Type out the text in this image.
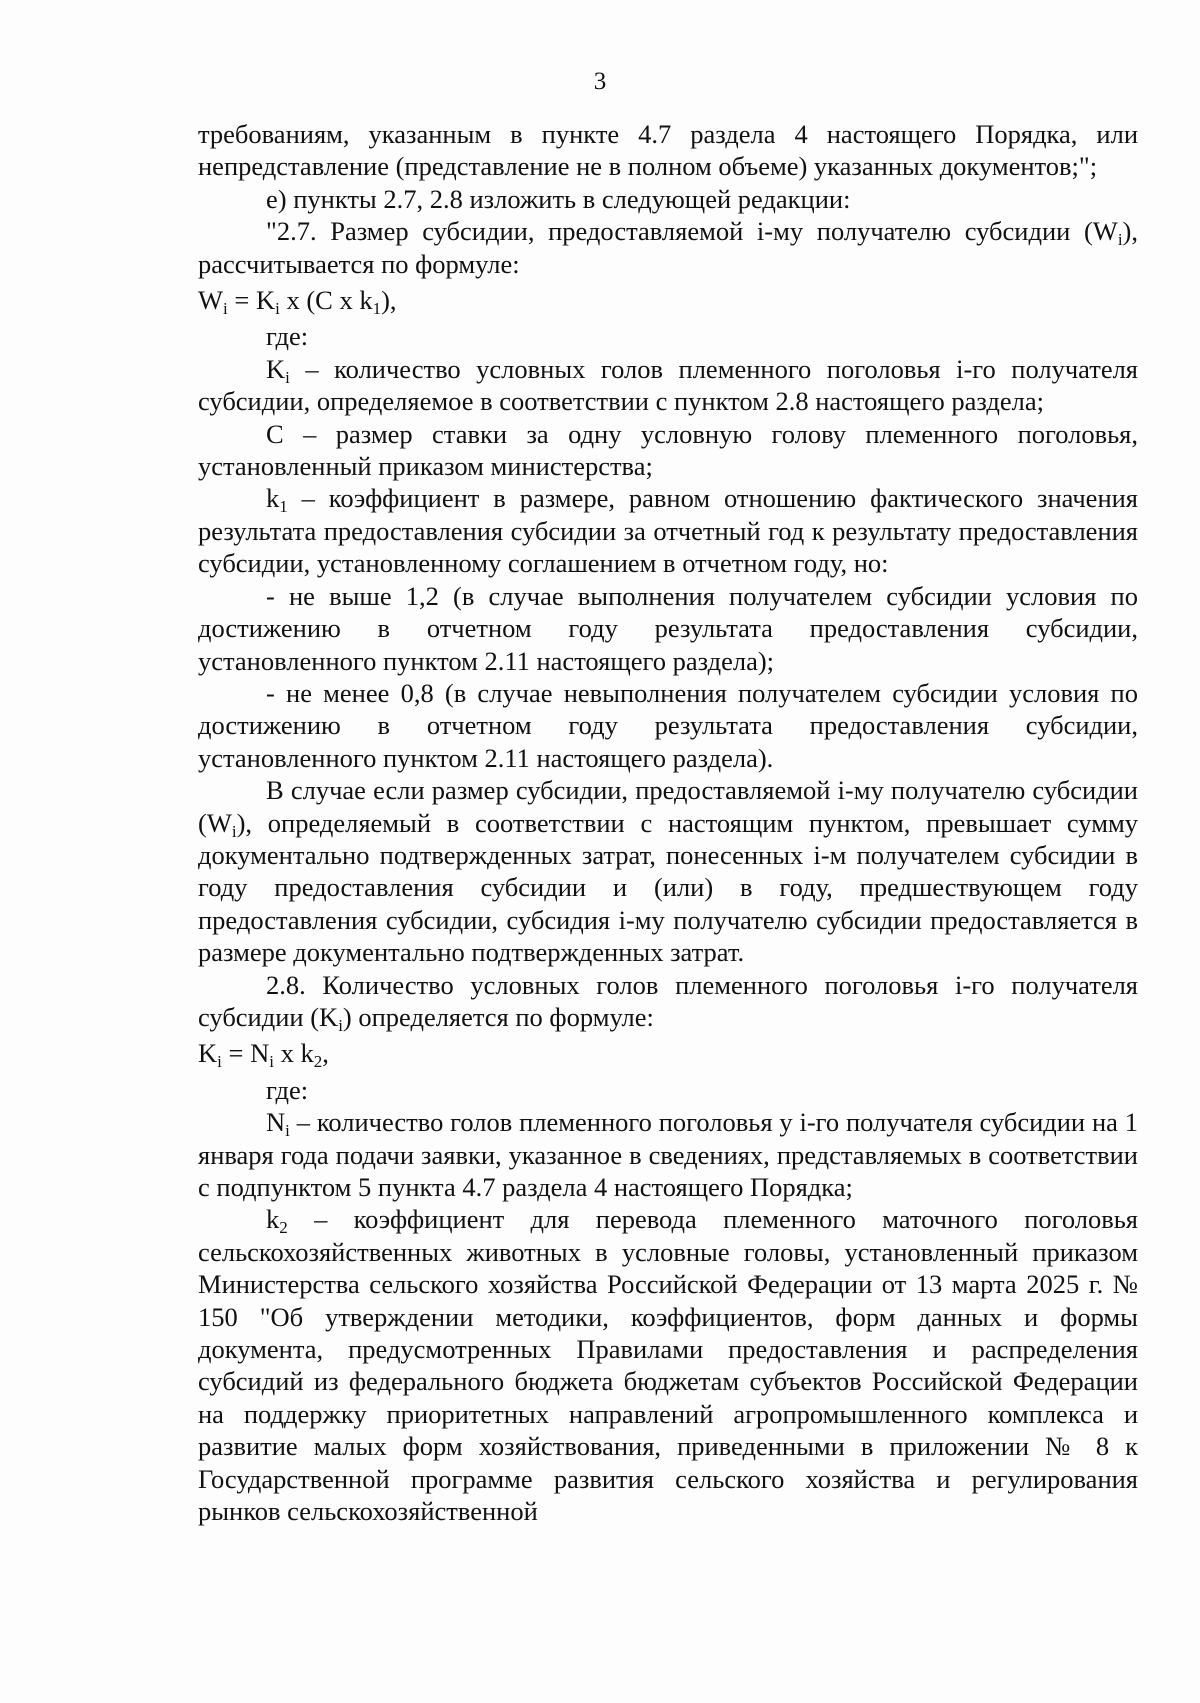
3

требованиям, указанным в пункте 4.7 раздела 4 настоящего Порядка, или непредставление (представление не в полном объеме) указанных документов;";

е) пункты 2.7, 2.8 изложить в следующей редакции:

"2.7. Размер субсидии, предоставляемой i-му получателю субсидии $(W_i)$, рассчитывается по формуле:

$W_i = K_i$ x (C x $k_1$),

где:

$K_i$ – количество условных голов племенного поголовья i-го получателя субсидии, определяемое в соответствии с пунктом 2.8 настоящего раздела;

С – размер ставки за одну условную голову племенного поголовья, установленный приказом министерства;

$k_1$ – коэффициент в размере, равном отношению фактического значения результата предоставления субсидии за отчетный год к результату предоставления субсидии, установленному соглашением в отчетном году, но:

- не выше 1,2 (в случае выполнения получателем субсидии условия по достижению в отчетном году результата предоставления субсидии, установленного пунктом 2.11 настоящего раздела);

- не менее 0,8 (в случае невыполнения получателем субсидии условия по достижению в отчетном году результата предоставления субсидии, установленного пунктом 2.11 настоящего раздела).

В случае если размер субсидии, предоставляемой i-му получателю субсидии $(W_i)$, определяемый в соответствии с настоящим пунктом, превышает сумму документально подтвержденных затрат, понесенных i-м получателем субсидии в году предоставления субсидии и (или) в году, предшествующем году предоставления субсидии, субсидия i-му получателю субсидии предоставляется в размере документально подтвержденных затрат.

2.8. Количество условных голов племенного поголовья i-го получателя субсидии $(K_i)$ определяется по формуле:

$K_i = N_i$ x $k_2$,

где:

$N_i$ – количество голов племенного поголовья у i-го получателя субсидии на 1 января года подачи заявки, указанное в сведениях, представляемых в соответствии с подпунктом 5 пункта 4.7 раздела 4 настоящего Порядка;

$k_2$ – коэффициент для перевода племенного маточного поголовья сельскохозяйственных животных в условные головы, установленный приказом Министерства сельского хозяйства Российской Федерации от 13 марта 2025 г. № 150 "Об утверждении методики, коэффициентов, форм данных и формы документа, предусмотренных Правилами предоставления и распределения субсидий из федерального бюджета бюджетам субъектов Российской Федерации на поддержку приоритетных направлений агропромышленного комплекса и развитие малых форм хозяйствования, приведенными в приложении № 8 к Государственной программе развития сельского хозяйства и регулирования рынков сельскохозяйственной
